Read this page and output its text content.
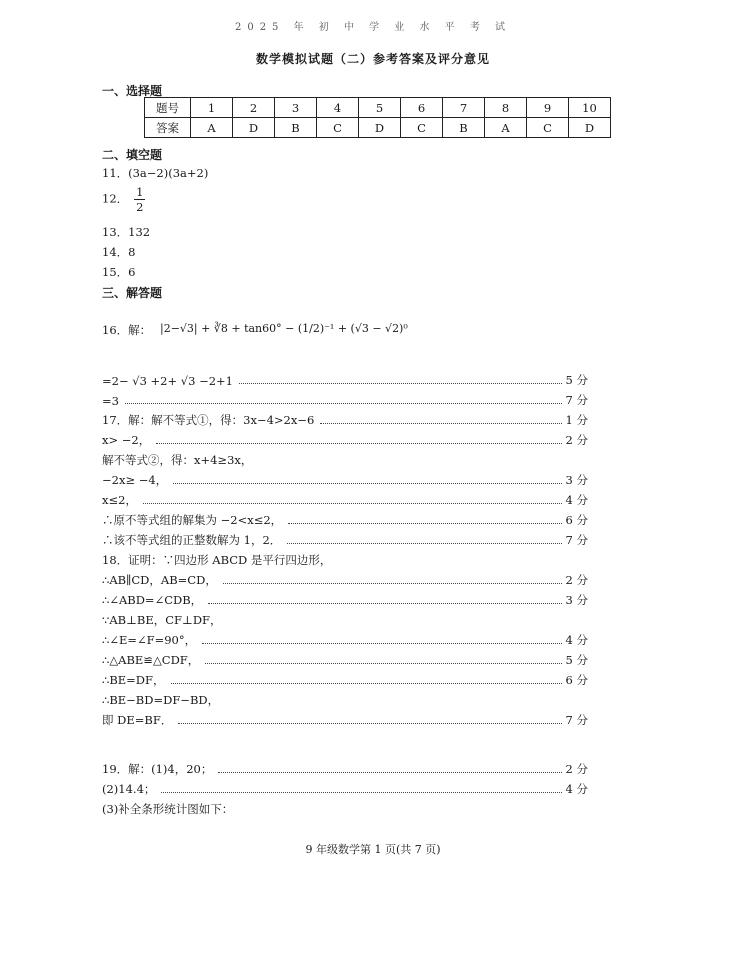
2025 年 初 中 学 业 水 平 考 试
数学模拟试题（二）参考答案及评分意见
一、选择题
题号	1	2	3	4	5	6	7	8	9	10
答案	A	D	B	C	D	C	B	A	C	D
二、填空题
11．(3a−2)(3a+2)
12． $\frac{1}{2}$
13．132
14．8
15．6
三、解答题
16．解： |2−√3| + ∛8 + tan60° − (1/2)⁻¹ + (√3 − √2)⁰
=2− √3 +2+ √3 −2+1	5 分
=3	7 分
17．解：解不等式①，得：3x−4>2x−6	1 分
x> −2，	2 分
解不等式②，得：x+4≥3x，
−2x≥ −4，	3 分
x≤2，	4 分
∴原不等式组的解集为 −2<x≤2，	6 分
∴该不等式组的正整数解为 1，2．	7 分
18．证明：∵四边形 ABCD 是平行四边形，
∴AB∥CD，AB=CD，	2 分
∴∠ABD=∠CDB，	3 分
∵AB⊥BE，CF⊥DF，
∴∠E=∠F=90°，	4 分
∴△ABE≌△CDF，	5 分
∴BE=DF，	6 分
∴BE−BD=DF−BD，
即 DE=BF．	7 分
19．解：(1)4，20；	2 分
(2)14.4；	4 分
(3)补全条形统计图如下：
9 年级数学第 1 页(共 7 页)
